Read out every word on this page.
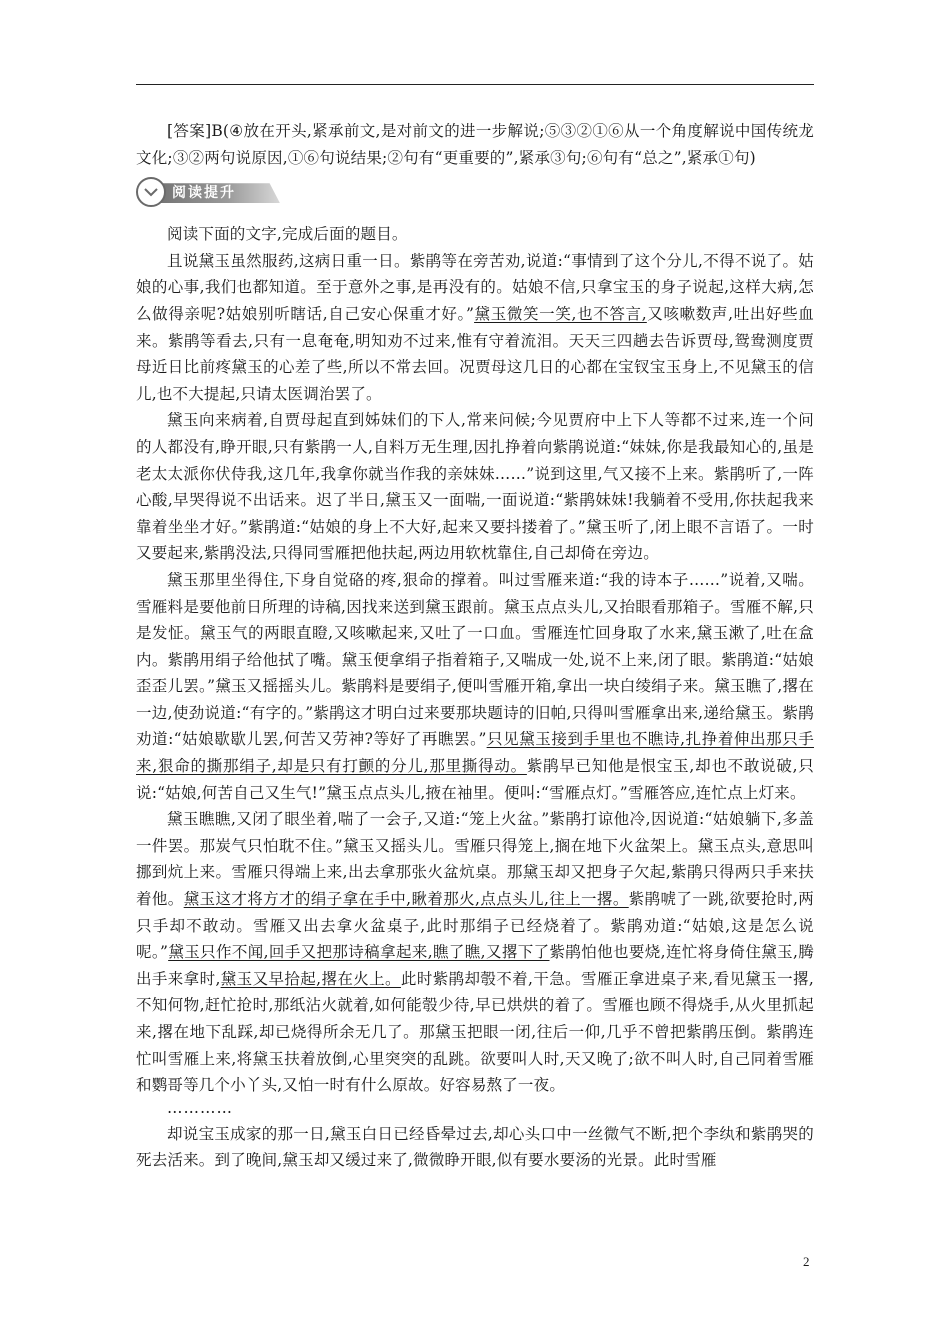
[答案]B(④放在开头,紧承前文,是对前文的进一步解说;⑤③②①⑥从一个角度解说中国传统龙文化;③②两句说原因,①⑥句说结果;②句有“更重要的”,紧承③句;⑥句有“总之”,紧承①句)

阅读提升

阅读下面的文字,完成后面的题目。

且说黛玉虽然服药,这病日重一日。紫鹃等在旁苦劝,说道:“事情到了这个分儿,不得不说了。姑娘的心事,我们也都知道。至于意外之事,是再没有的。姑娘不信,只拿宝玉的身子说起,这样大病,怎么做得亲呢?姑娘别听瞎话,自己安心保重才好。”黛玉微笑一笑,也不答言,又咳嗽数声,吐出好些血来。紫鹃等看去,只有一息奄奄,明知劝不过来,惟有守着流泪。天天三四趟去告诉贾母,鸳鸯测度贾母近日比前疼黛玉的心差了些,所以不常去回。况贾母这几日的心都在宝钗宝玉身上,不见黛玉的信儿,也不大提起,只请太医调治罢了。

黛玉向来病着,自贾母起直到姊妹们的下人,常来问候;今见贾府中上下人等都不过来,连一个问的人都没有,睁开眼,只有紫鹃一人,自料万无生理,因扎挣着向紫鹃说道:“妹妹,你是我最知心的,虽是老太太派你伏侍我,这几年,我拿你就当作我的亲妹妹……”说到这里,气又接不上来。紫鹃听了,一阵心酸,早哭得说不出话来。迟了半日,黛玉又一面喘,一面说道:“紫鹃妹妹!我躺着不受用,你扶起我来靠着坐坐才好。”紫鹃道:“姑娘的身上不大好,起来又要抖搂着了。”黛玉听了,闭上眼不言语了。一时又要起来,紫鹃没法,只得同雪雁把他扶起,两边用软枕靠住,自己却倚在旁边。

黛玉那里坐得住,下身自觉硌的疼,狠命的撑着。叫过雪雁来道:“我的诗本子……”说着,又喘。雪雁料是要他前日所理的诗稿,因找来送到黛玉跟前。黛玉点点头儿,又抬眼看那箱子。雪雁不解,只是发怔。黛玉气的两眼直瞪,又咳嗽起来,又吐了一口血。雪雁连忙回身取了水来,黛玉漱了,吐在盒内。紫鹃用绢子给他拭了嘴。黛玉便拿绢子指着箱子,又喘成一处,说不上来,闭了眼。紫鹃道:“姑娘歪歪儿罢。”黛玉又摇摇头儿。紫鹃料是要绢子,便叫雪雁开箱,拿出一块白绫绢子来。黛玉瞧了,撂在一边,使劲说道:“有字的。”紫鹃这才明白过来要那块题诗的旧帕,只得叫雪雁拿出来,递给黛玉。紫鹃劝道:“姑娘歇歇儿罢,何苦又劳神?等好了再瞧罢。”只见黛玉接到手里也不瞧诗,扎挣着伸出那只手来,狠命的撕那绢子,却是只有打颤的分儿,那里撕得动。紫鹃早已知他是恨宝玉,却也不敢说破,只说:“姑娘,何苦自己又生气!”黛玉点点头儿,掖在袖里。便叫:“雪雁点灯。”雪雁答应,连忙点上灯来。

黛玉瞧瞧,又闭了眼坐着,喘了一会子,又道:“笼上火盆。”紫鹃打谅他冷,因说道:“姑娘躺下,多盖一件罢。那炭气只怕耽不住。”黛玉又摇头儿。雪雁只得笼上,搁在地下火盆架上。黛玉点头,意思叫挪到炕上来。雪雁只得端上来,出去拿那张火盆炕桌。那黛玉却又把身子欠起,紫鹃只得两只手来扶着他。黛玉这才将方才的绢子拿在手中,瞅着那火,点点头儿,往上一撂。紫鹃唬了一跳,欲要抢时,两只手却不敢动。雪雁又出去拿火盆桌子,此时那绢子已经烧着了。紫鹃劝道:“姑娘,这是怎么说呢。”黛玉只作不闻,回手又把那诗稿拿起来,瞧了瞧,又撂下了紫鹃怕他也要烧,连忙将身倚住黛玉,腾出手来拿时,黛玉又早拾起,撂在火上。此时紫鹃却彀不着,干急。雪雁正拿进桌子来,看见黛玉一撂,不知何物,赶忙抢时,那纸沾火就着,如何能彀少待,早已烘烘的着了。雪雁也顾不得烧手,从火里抓起来,撂在地下乱踩,却已烧得所余无几了。那黛玉把眼一闭,往后一仰,几乎不曾把紫鹃压倒。紫鹃连忙叫雪雁上来,将黛玉扶着放倒,心里突突的乱跳。欲要叫人时,天又晚了;欲不叫人时,自己同着雪雁和鹦哥等几个小丫头,又怕一时有什么原故。好容易熬了一夜。

…………

却说宝玉成家的那一日,黛玉白日已经昏晕过去,却心头口中一丝微气不断,把个李纨和紫鹃哭的死去活来。到了晚间,黛玉却又缓过来了,微微睁开眼,似有要水要汤的光景。此时雪雁

2
